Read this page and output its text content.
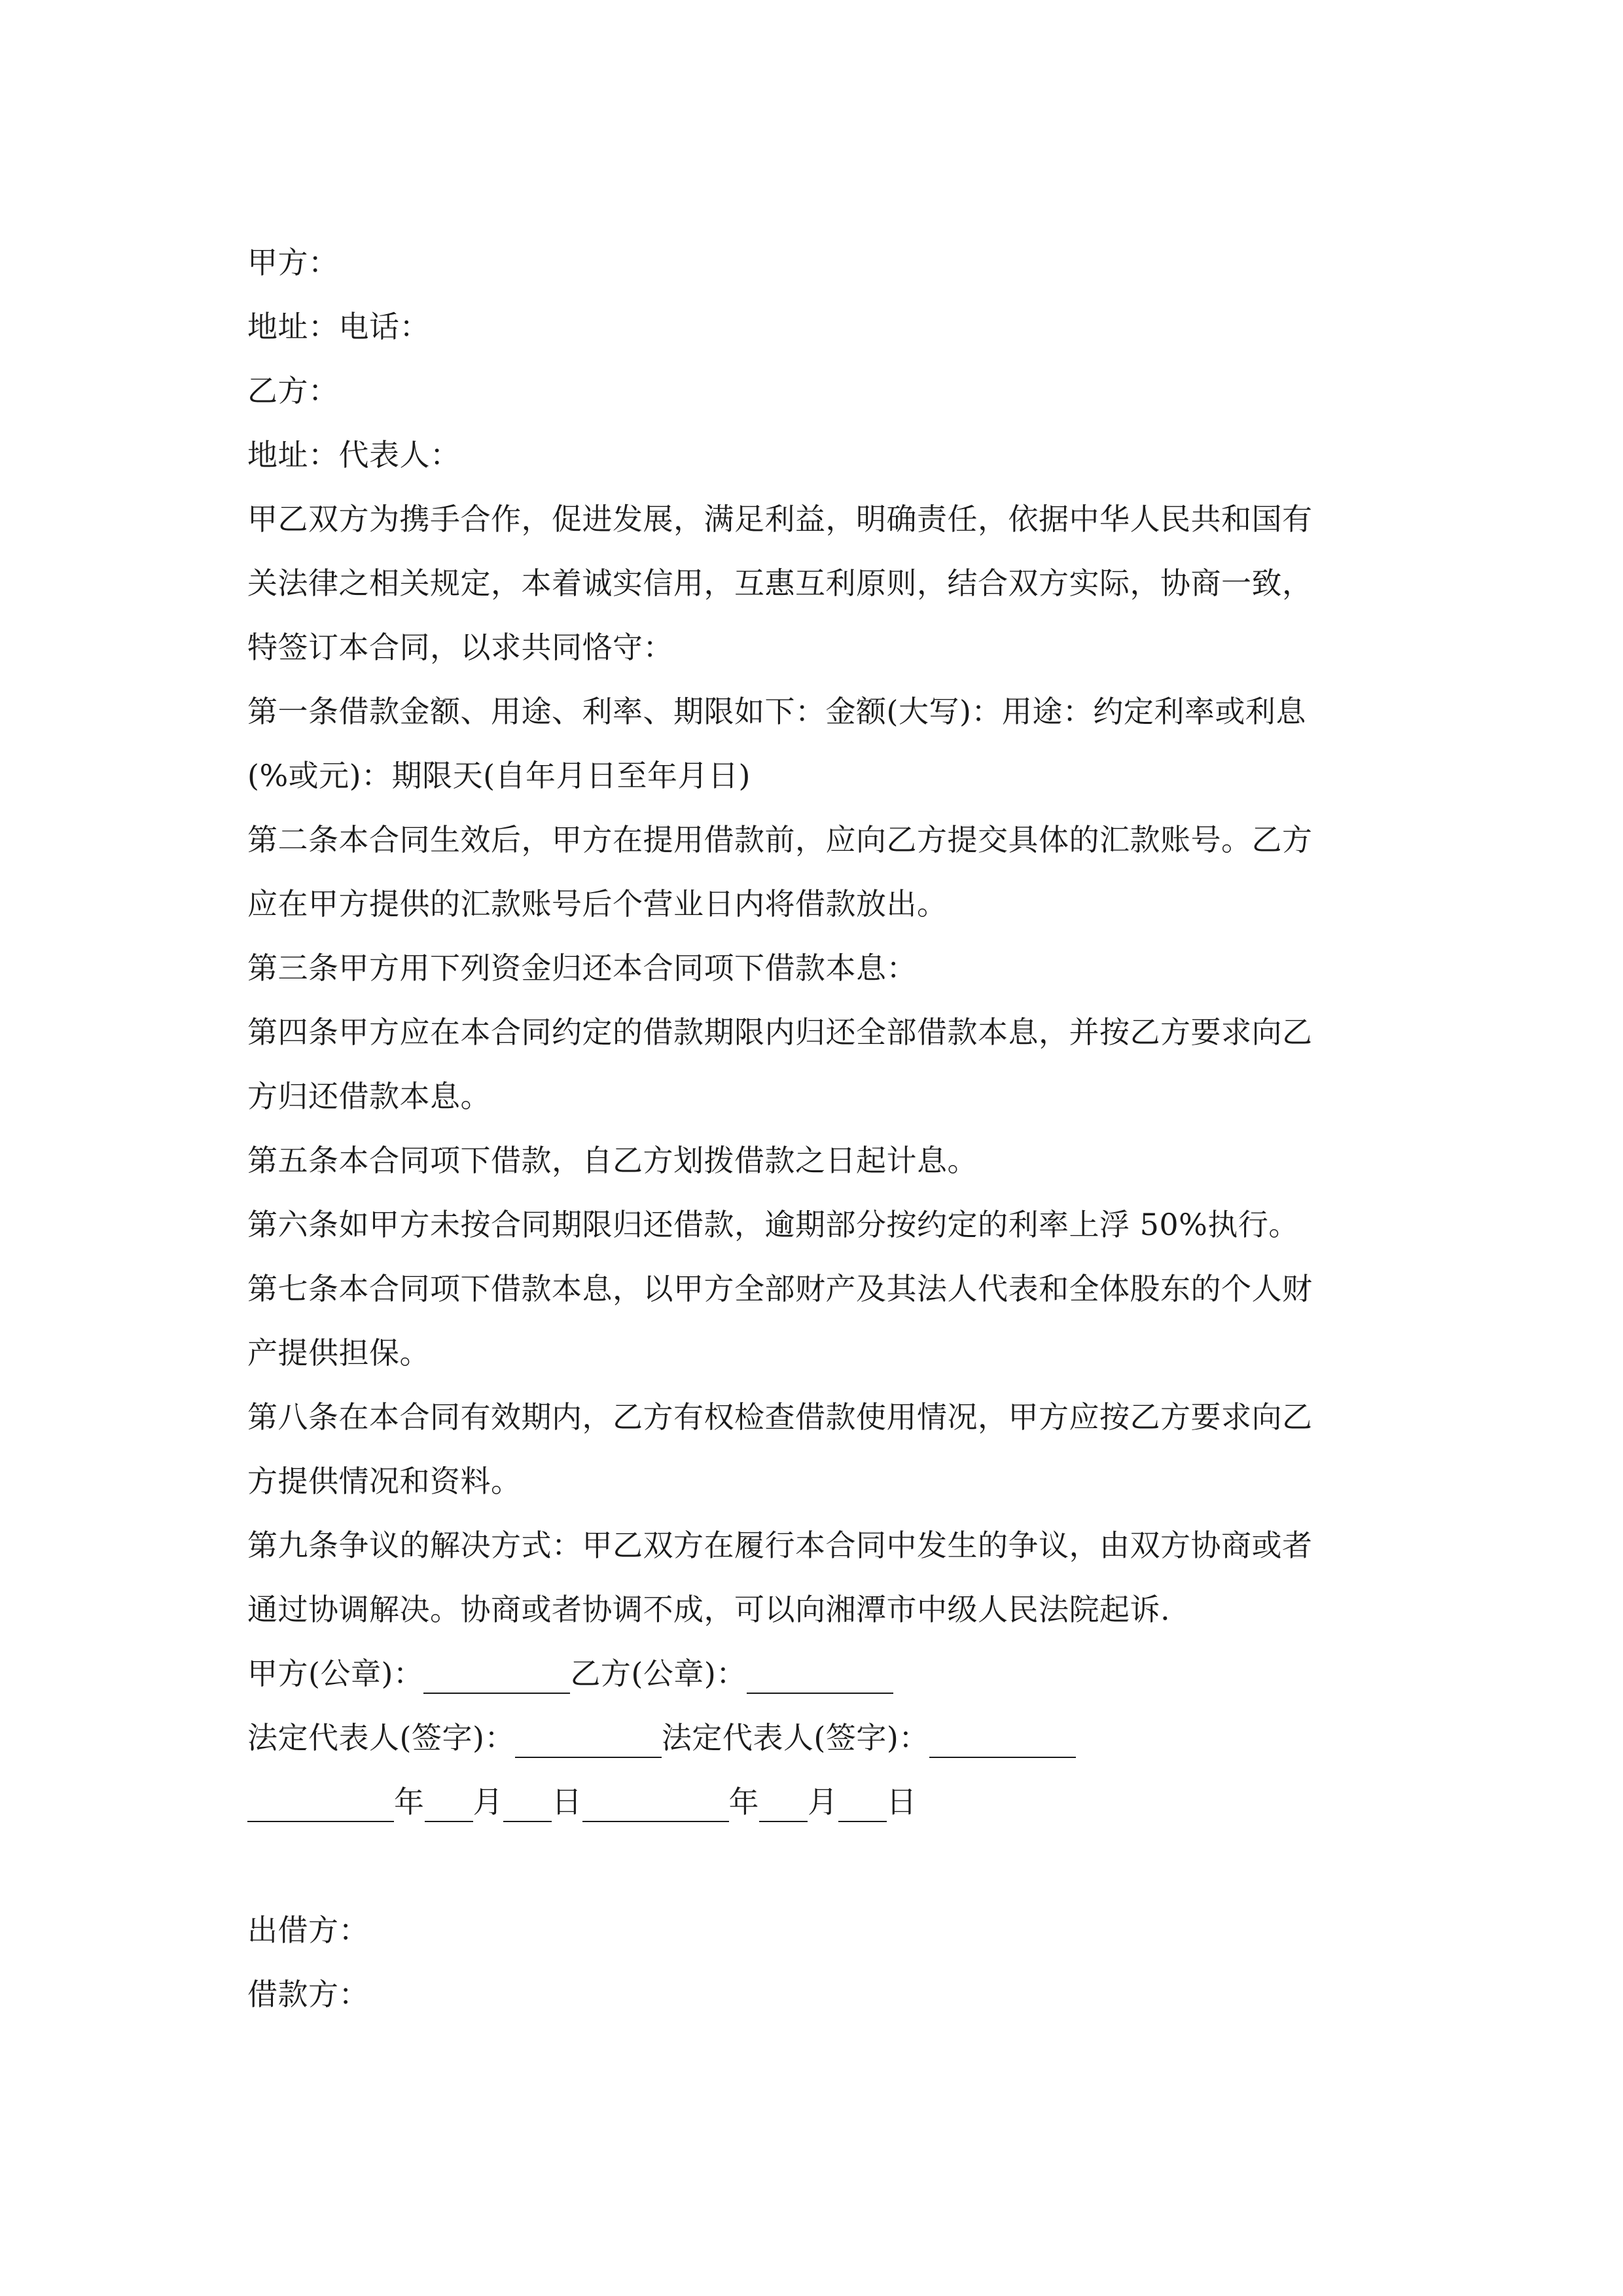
甲方：
地址：电话：
乙方：
地址：代表人：
甲乙双方为携手合作，促进发展，满足利益，明确责任，依据中华人民共和国有
关法律之相关规定，本着诚实信用，互惠互利原则，结合双方实际，协商一致，
特签订本合同，以求共同恪守：
第一条借款金额、用途、利率、期限如下：金额(大写)：用途：约定利率或利息
(%或元)：期限天(自年月日至年月日)
第二条本合同生效后，甲方在提用借款前，应向乙方提交具体的汇款账号。乙方
应在甲方提供的汇款账号后个营业日内将借款放出。
第三条甲方用下列资金归还本合同项下借款本息：
第四条甲方应在本合同约定的借款期限内归还全部借款本息，并按乙方要求向乙
方归还借款本息。
第五条本合同项下借款，自乙方划拨借款之日起计息。
第六条如甲方未按合同期限归还借款，逾期部分按约定的利率上浮 50%执行。
第七条本合同项下借款本息，以甲方全部财产及其法人代表和全体股东的个人财
产提供担保。
第八条在本合同有效期内，乙方有权检查借款使用情况，甲方应按乙方要求向乙
方提供情况和资料。
第九条争议的解决方式：甲乙双方在履行本合同中发生的争议，由双方协商或者
通过协调解决。协商或者协调不成，可以向湘潭市中级人民法院起诉.
甲方(公章)：	乙方(公章)：
法定代表人(签字)：	法定代表人(签字)：
年 月 日	年 月 日
出借方：
借款方：
